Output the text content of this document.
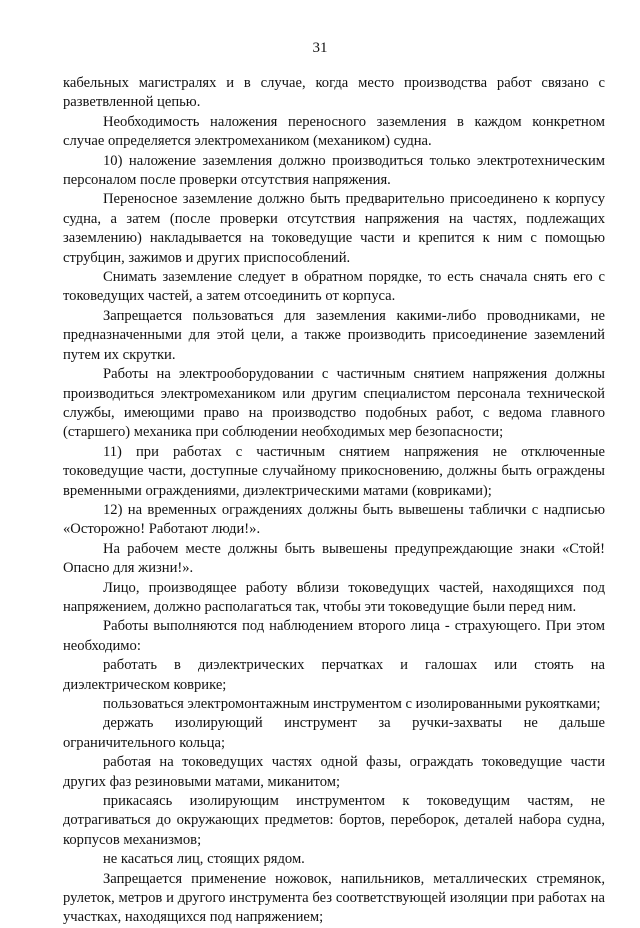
31

кабельных магистралях и в случае, когда место производства работ связано с разветвленной цепью.

Необходимость наложения переносного заземления в каждом конкретном случае определяется электромехаником (механиком) судна.

10) наложение заземления должно производиться только электротехническим персоналом после проверки отсутствия напряжения.

Переносное заземление должно быть предварительно присоединено к корпусу судна, а затем (после проверки отсутствия напряжения на частях, подлежащих заземлению) накладывается на токоведущие части и крепится к ним с помощью струбцин, зажимов и других приспособлений.

Снимать заземление следует в обратном порядке, то есть сначала снять его с токоведущих частей, а затем отсоединить от корпуса.

Запрещается пользоваться для заземления какими-либо проводниками, не предназначенными для этой цели, а также производить присоединение заземлений путем их скрутки.

Работы на электрооборудовании с частичным снятием напряжения должны производиться электромехаником или другим специалистом персонала технической службы, имеющими право на производство подобных работ, с ведома главного (старшего) механика при соблюдении необходимых мер безопасности;

11) при работах с частичным снятием напряжения не отключенные токоведущие части, доступные случайному прикосновению, должны быть ограждены временными ограждениями, диэлектрическими матами (ковриками);

12) на временных ограждениях должны быть вывешены таблички с надписью «Осторожно! Работают люди!».

На рабочем месте должны быть вывешены предупреждающие знаки «Стой! Опасно для жизни!».

Лицо, производящее работу вблизи токоведущих частей, находящихся под напряжением, должно располагаться так, чтобы эти токоведущие были перед ним.

Работы выполняются под наблюдением второго лица - страхующего. При этом необходимо:

работать в диэлектрических перчатках и галошах или стоять на диэлектрическом коврике;

пользоваться электромонтажным инструментом с изолированными рукоятками;

держать изолирующий инструмент за ручки-захваты не дальше ограничительного кольца;

работая на токоведущих частях одной фазы, ограждать токоведущие части других фаз резиновыми матами, миканитом;

прикасаясь изолирующим инструментом к токоведущим частям, не дотрагиваться до окружающих предметов: бортов, переборок, деталей набора судна, корпусов механизмов;

не касаться лиц, стоящих рядом.

Запрещается применение ножовок, напильников, металлических стремянок, рулеток, метров и другого инструмента без соответствующей изоляции при работах на участках, находящихся под напряжением;
